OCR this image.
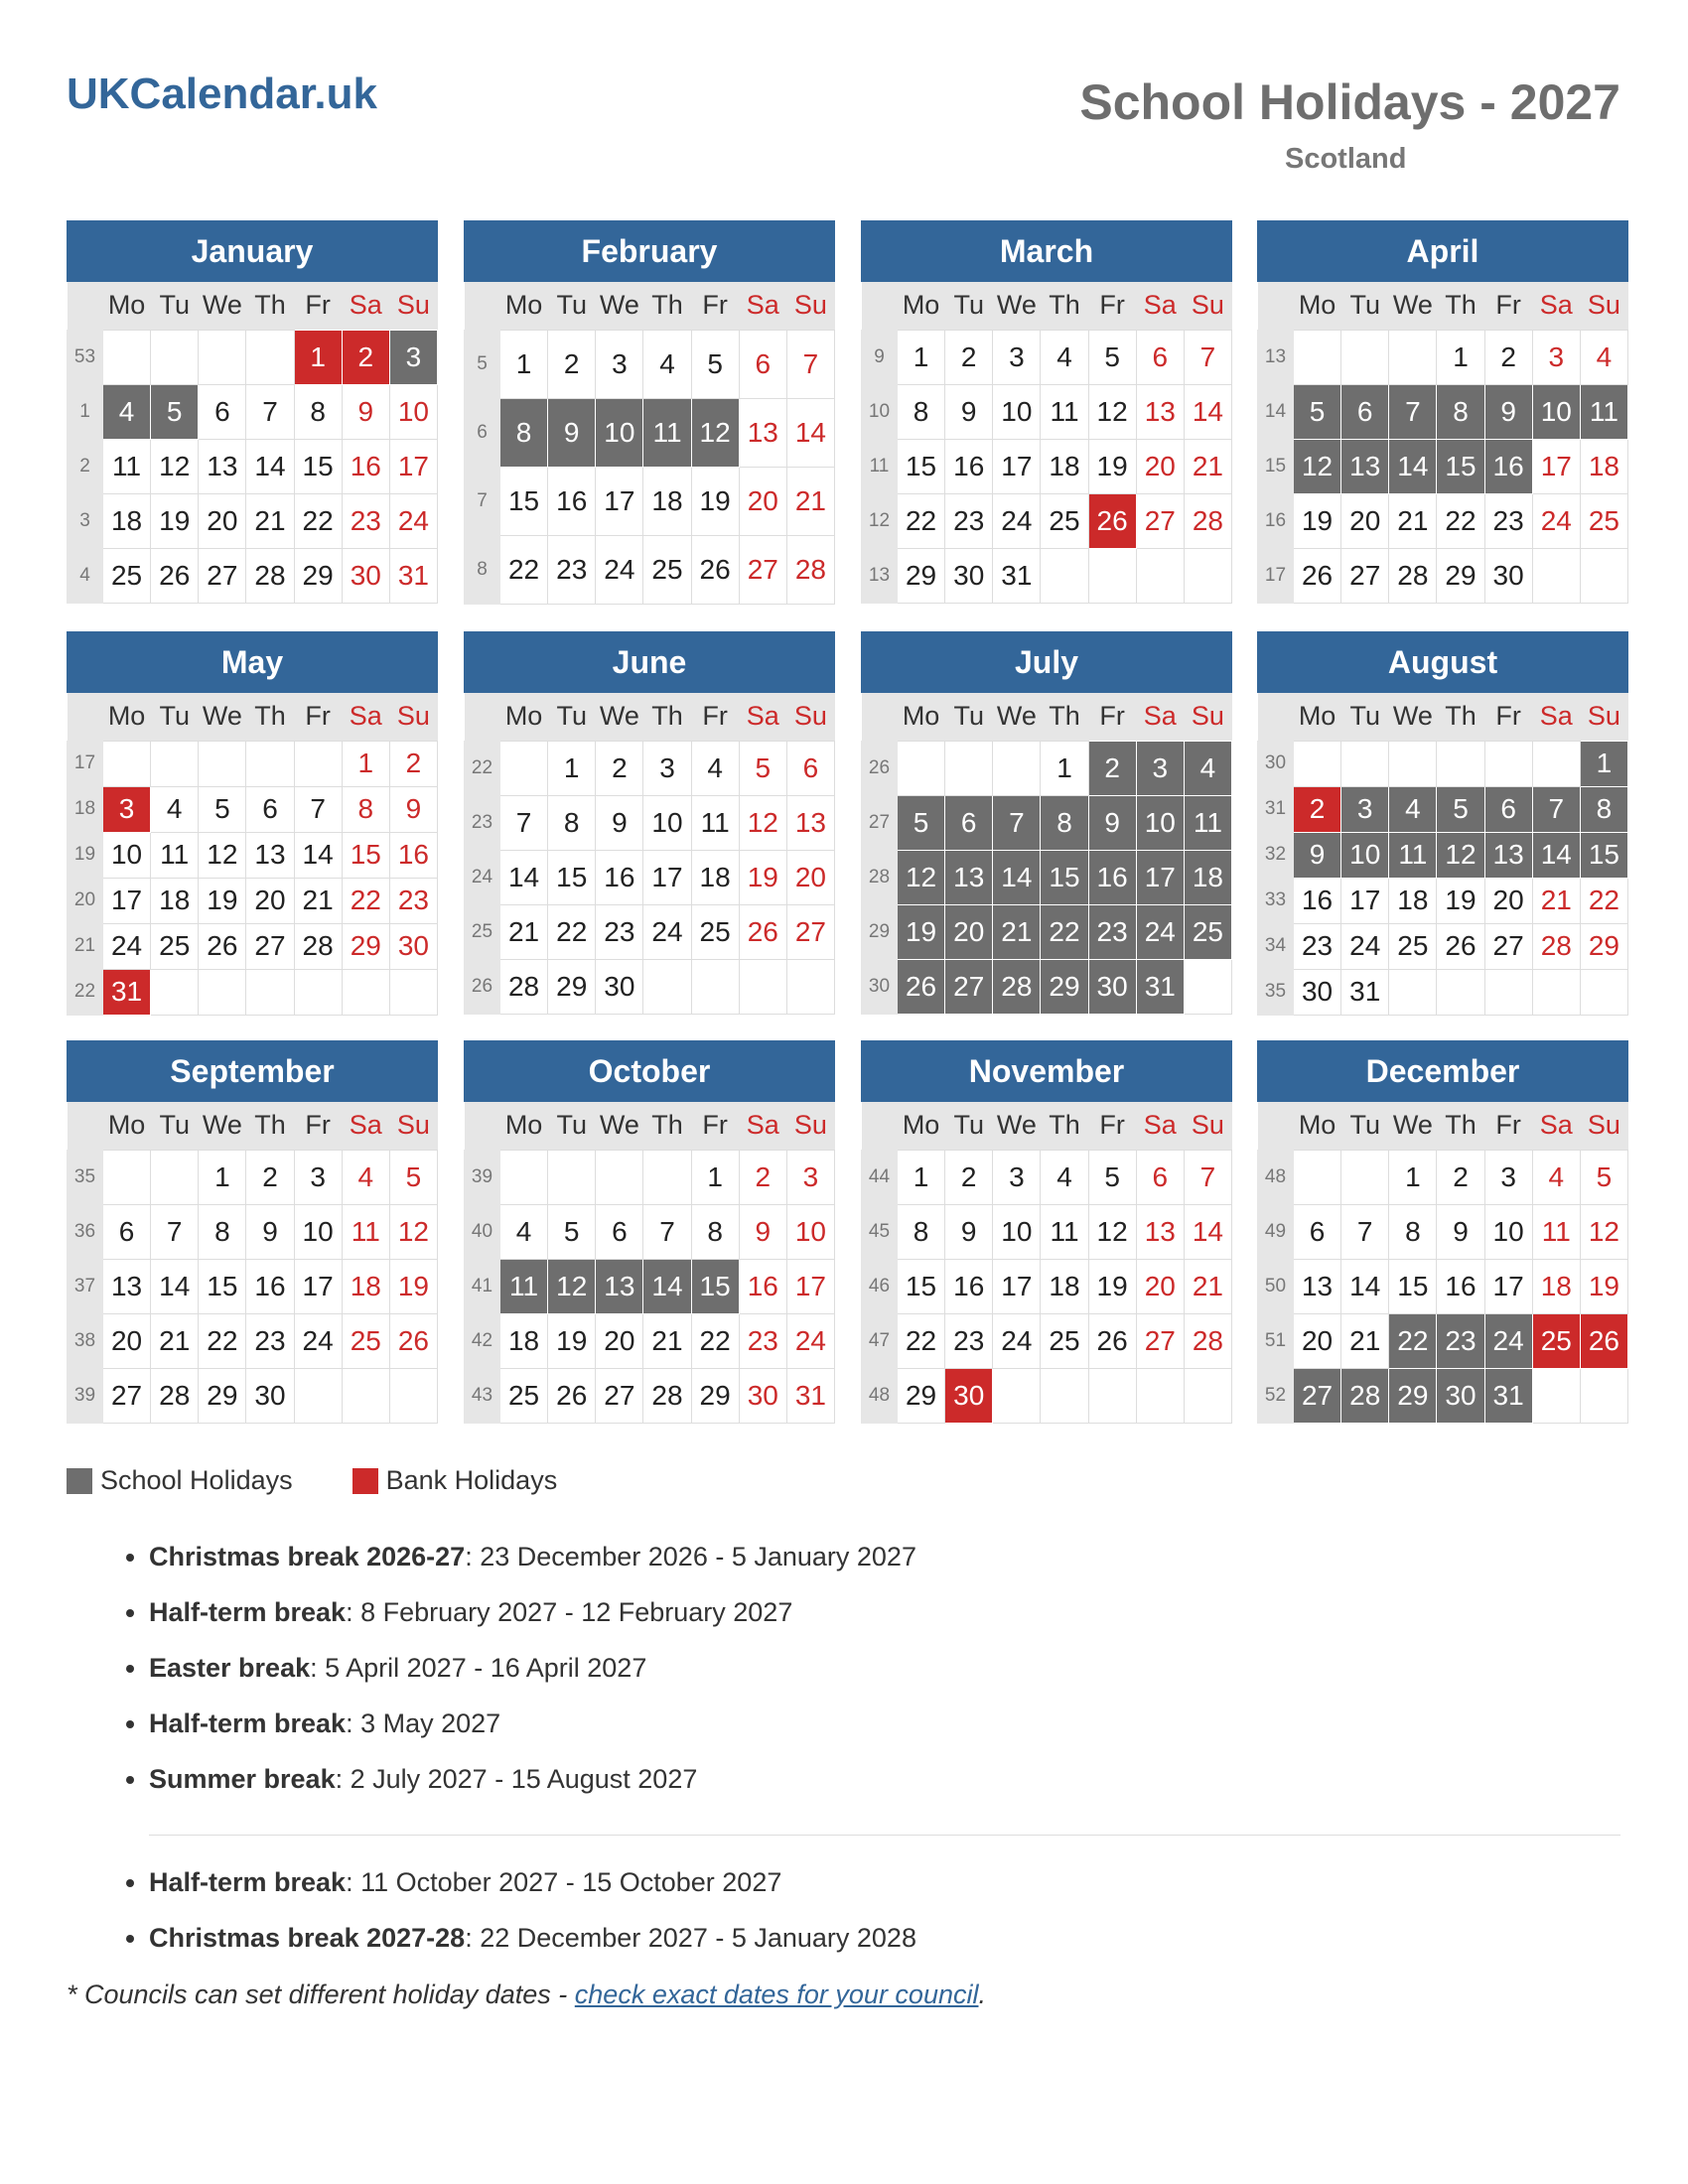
UKCalendar.uk	School Holidays - 2027
Scotland
January
	Mo	Tu	We	Th	Fr	Sa	Su
53					1	2	3
1	4	5	6	7	8	9	10
2	11	12	13	14	15	16	17
3	18	19	20	21	22	23	24
4	25	26	27	28	29	30	31
February
	Mo	Tu	We	Th	Fr	Sa	Su
5	1	2	3	4	5	6	7
6	8	9	10	11	12	13	14
7	15	16	17	18	19	20	21
8	22	23	24	25	26	27	28
March
	Mo	Tu	We	Th	Fr	Sa	Su
9	1	2	3	4	5	6	7
10	8	9	10	11	12	13	14
11	15	16	17	18	19	20	21
12	22	23	24	25	26	27	28
13	29	30	31				
April
	Mo	Tu	We	Th	Fr	Sa	Su
13				1	2	3	4
14	5	6	7	8	9	10	11
15	12	13	14	15	16	17	18
16	19	20	21	22	23	24	25
17	26	27	28	29	30		
May
	Mo	Tu	We	Th	Fr	Sa	Su
17						1	2
18	3	4	5	6	7	8	9
19	10	11	12	13	14	15	16
20	17	18	19	20	21	22	23
21	24	25	26	27	28	29	30
22	31						
June
	Mo	Tu	We	Th	Fr	Sa	Su
22		1	2	3	4	5	6
23	7	8	9	10	11	12	13
24	14	15	16	17	18	19	20
25	21	22	23	24	25	26	27
26	28	29	30				
July
	Mo	Tu	We	Th	Fr	Sa	Su
26				1	2	3	4
27	5	6	7	8	9	10	11
28	12	13	14	15	16	17	18
29	19	20	21	22	23	24	25
30	26	27	28	29	30	31	
August
	Mo	Tu	We	Th	Fr	Sa	Su
30							1
31	2	3	4	5	6	7	8
32	9	10	11	12	13	14	15
33	16	17	18	19	20	21	22
34	23	24	25	26	27	28	29
35	30	31					
September
	Mo	Tu	We	Th	Fr	Sa	Su
35			1	2	3	4	5
36	6	7	8	9	10	11	12
37	13	14	15	16	17	18	19
38	20	21	22	23	24	25	26
39	27	28	29	30			
October
	Mo	Tu	We	Th	Fr	Sa	Su
39					1	2	3
40	4	5	6	7	8	9	10
41	11	12	13	14	15	16	17
42	18	19	20	21	22	23	24
43	25	26	27	28	29	30	31
November
	Mo	Tu	We	Th	Fr	Sa	Su
44	1	2	3	4	5	6	7
45	8	9	10	11	12	13	14
46	15	16	17	18	19	20	21
47	22	23	24	25	26	27	28
48	29	30					
December
	Mo	Tu	We	Th	Fr	Sa	Su
48			1	2	3	4	5
49	6	7	8	9	10	11	12
50	13	14	15	16	17	18	19
51	20	21	22	23	24	25	26
52	27	28	29	30	31		
School Holidays	Bank Holidays
• Christmas break 2026-27: 23 December 2026 - 5 January 2027
• Half-term break: 8 February 2027 - 12 February 2027
• Easter break: 5 April 2027 - 16 April 2027
• Half-term break: 3 May 2027
• Summer break: 2 July 2027 - 15 August 2027
• Half-term break: 11 October 2027 - 15 October 2027
• Christmas break 2027-28: 22 December 2027 - 5 January 2028
* Councils can set different holiday dates - check exact dates for your council.
